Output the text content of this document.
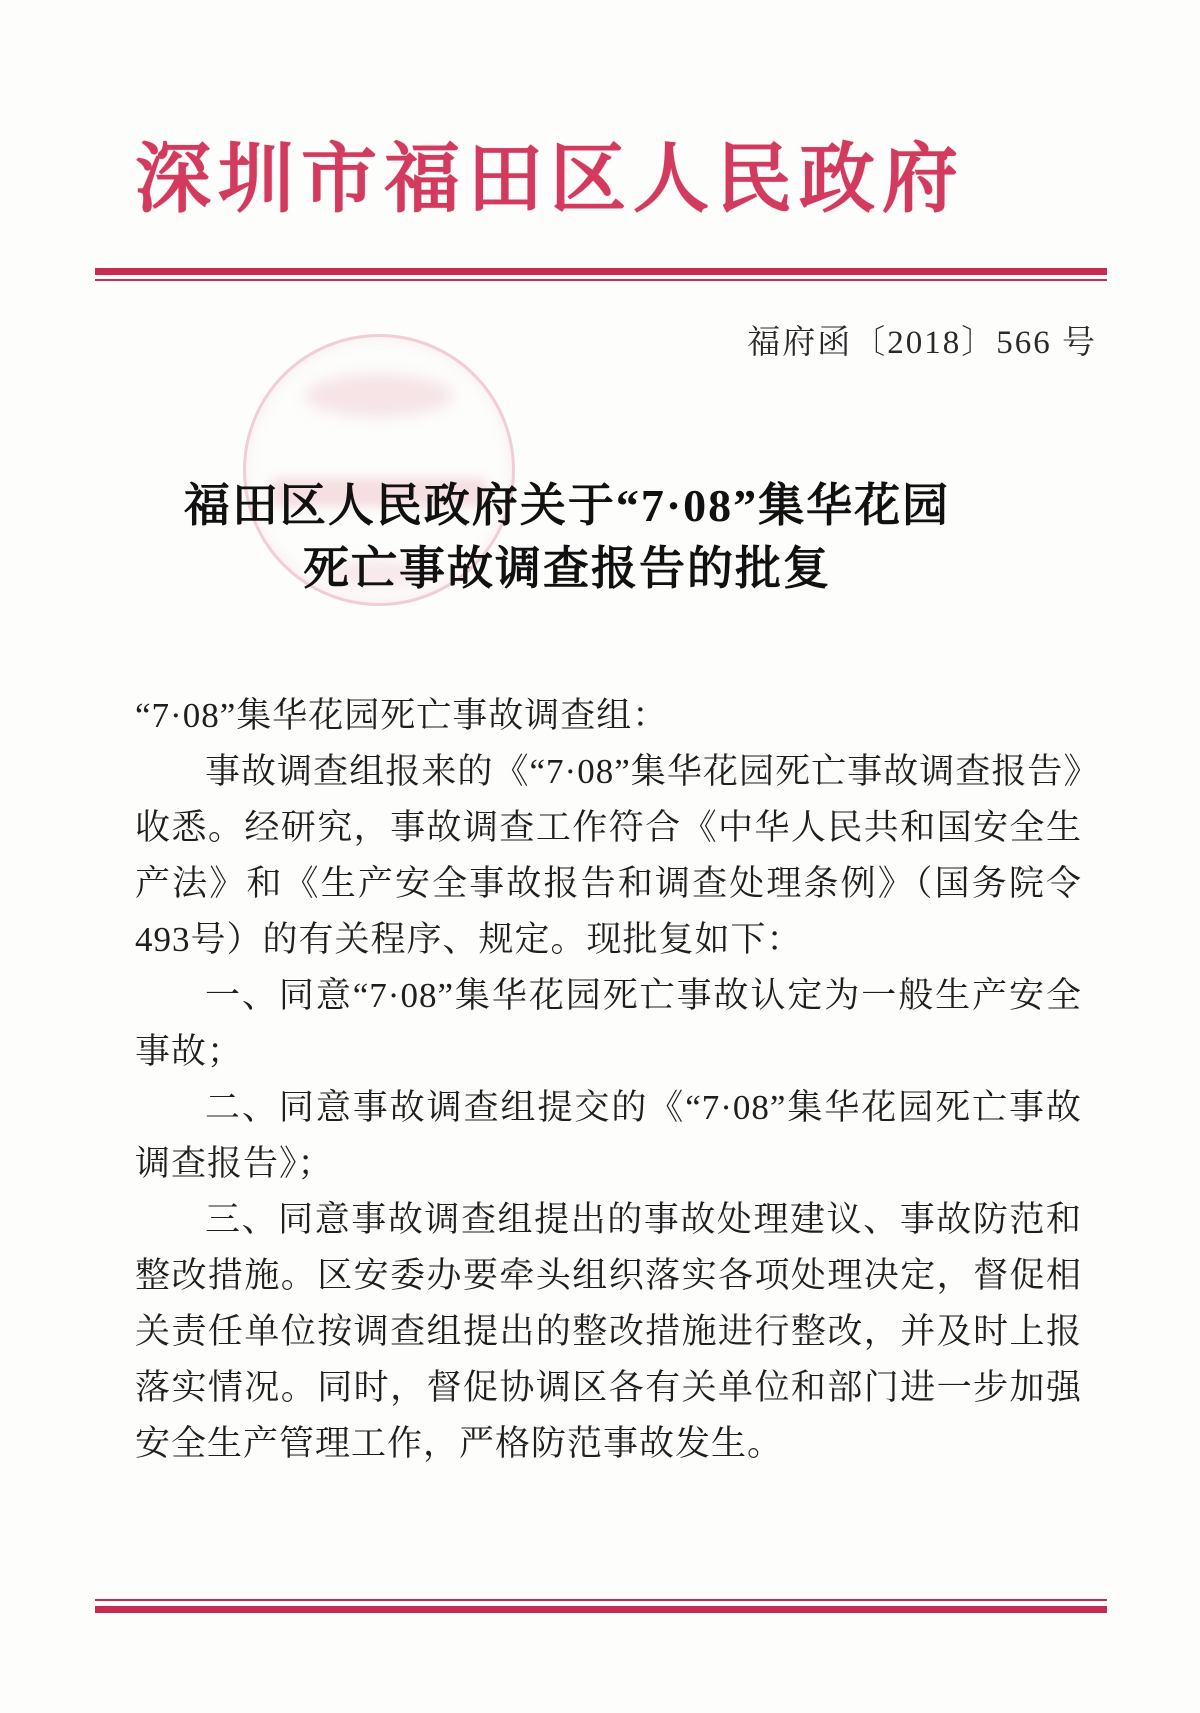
深圳市福田区人民政府
福府函〔2018〕566 号
福田区人民政府关于“7·08”集华花园
死亡事故调查报告的批复

“7·08”集华花园死亡事故调查组：

事故调查组报来的《“7·08”集华花园死亡事故调查报告》收悉。经研究，事故调查工作符合《中华人民共和国安全生产法》和《生产安全事故报告和调查处理条例》（国务院令493号）的有关程序、规定。现批复如下：

一、同意“7·08”集华花园死亡事故认定为一般生产安全事故；

二、同意事故调查组提交的《“7·08”集华花园死亡事故调查报告》；

三、同意事故调查组提出的事故处理建议、事故防范和整改措施。区安委办要牵头组织落实各项处理决定，督促相关责任单位按调查组提出的整改措施进行整改，并及时上报落实情况。同时，督促协调区各有关单位和部门进一步加强安全生产管理工作，严格防范事故发生。
